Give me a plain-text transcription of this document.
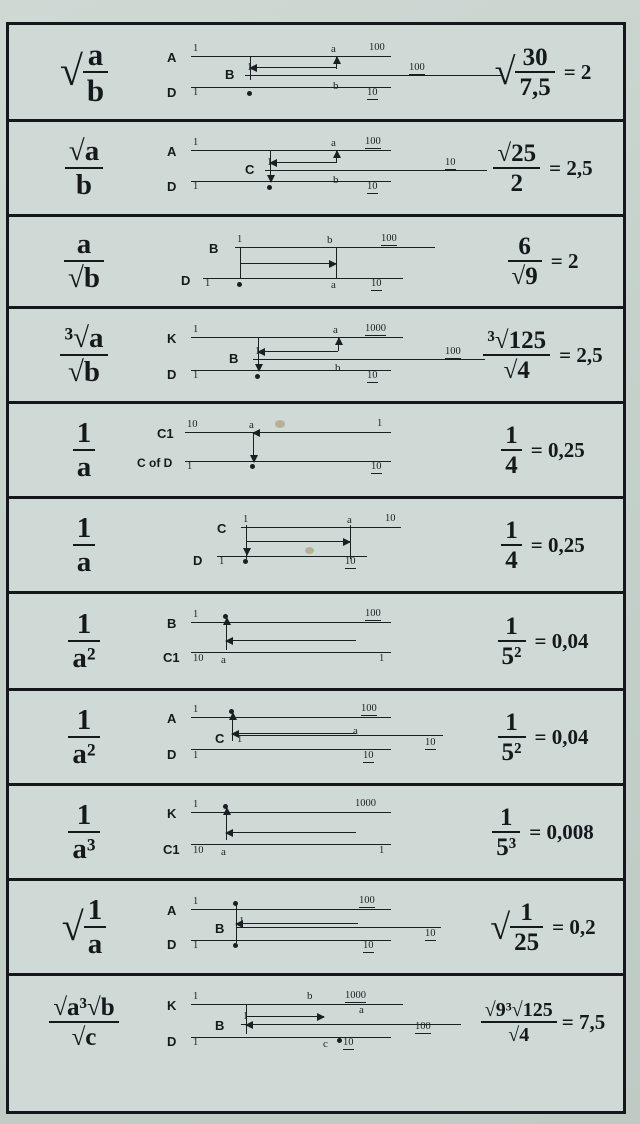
√ $\frac{a}{b}$	A
1	a	100
B 1	100
D 1
b
10	√ $\frac{30}{7,5} = 2$
$\frac{√a}{b}$	A
1	a	100
C 1	10
D 1
b
10	$\frac{√25}{2} = 2,5$
$\frac{a}{√b}$	B
1	b	100
D 1	a	10	$\frac{6}{√9} = 2$
$\frac{\text{³√a}}{√b}$	K
1	a	1000
B 1	100
D 1
b
10	$\frac{\text{³√125}}{√4} = 2,5$
$\frac{1}{a}$	C1
10	a	1
C of D 1	10	$\frac{1}{4} = 0,25$
$\frac{1}{a}$	C
1	a	10
D 1	10	$\frac{1}{4} = 0,25$
$\frac{1}{\text{a²}}$	B
1	100
C1 10	1
a	$\frac{1}{\text{5²}} = 0,04$
$\frac{1}{\text{a²}}$	A
1	100
C 1	10
D 1	10
a	$\frac{1}{\text{5²}} = 0,04$
$\frac{1}{\text{a³}}$	K
1	1000
C1 10	1
a	$\frac{1}{\text{5³}} = 0,008$
√ $\frac{1}{a}$	A
1	100
B 1
10
D 1	10	√ $\frac{1}{25} = 0,2$
$\frac{\text{√a³√b}}{√c}$	K
1	b	1000
a
B
1
100
D 1	c 10	$\frac{\text{√9³√125}}{√4} = 7,5$
